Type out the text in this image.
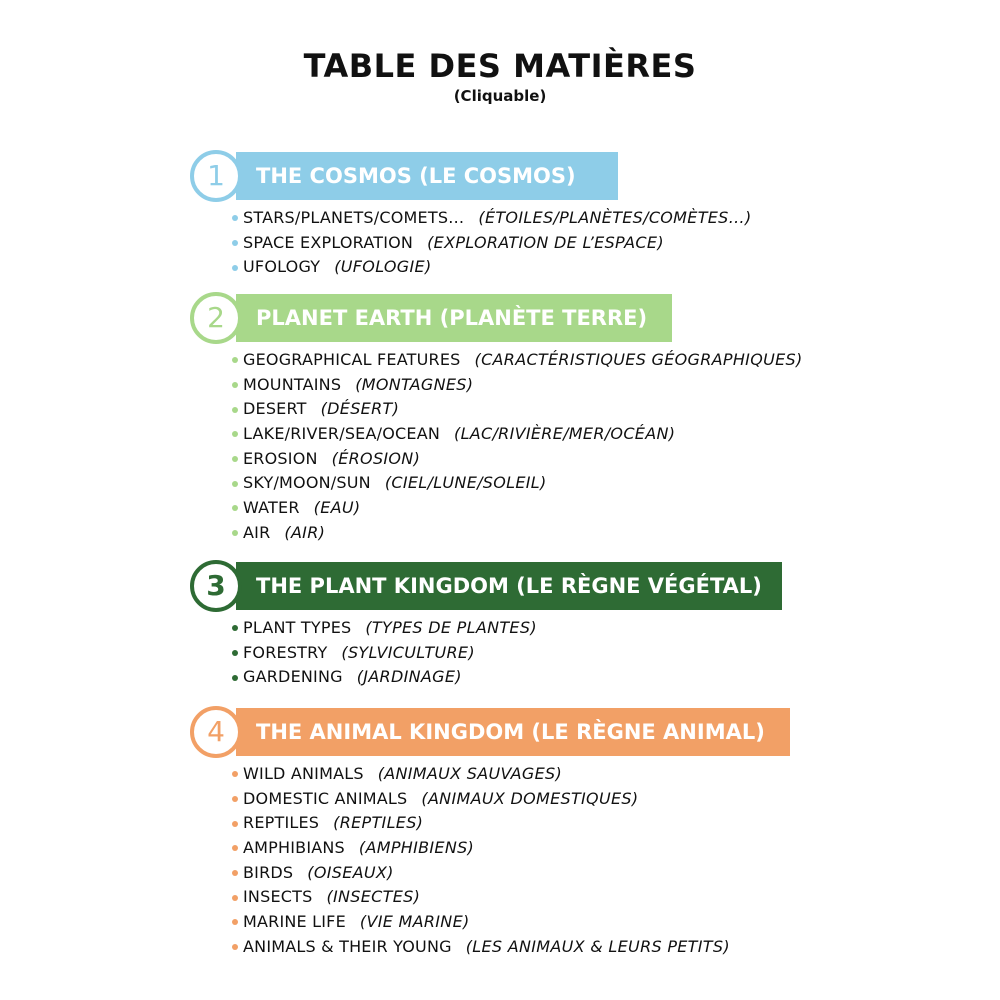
TABLE DES MATIÈRES
(Cliquable)
1	THE COSMOS (LE COSMOS)
STARS/PLANETS/COMETS…	( ÉTOILES/PLANÈTES/COMÈTES… )
SPACE EXPLORATION	( EXPLORATION DE L’ESPACE )
UFOLOGY	( UFOLOGIE )
2	PLANET EARTH (PLANÈTE TERRE)
GEOGRAPHICAL FEATURES	( CARACTÉRISTIQUES GÉOGRAPHIQUES )
MOUNTAINS	( MONTAGNES )
DESERT	( DÉSERT )
LAKE/RIVER/SEA/OCEAN	( LAC/RIVIÈRE/MER/OCÉAN )
EROSION	( ÉROSION )
SKY/MOON/SUN	( CIEL/LUNE/SOLEIL )
WATER	( EAU )
AIR	( AIR )
3	THE PLANT KINGDOM (LE RÈGNE VÉGÉTAL)
PLANT TYPES	( TYPES DE PLANTES )
FORESTRY	( SYLVICULTURE )
GARDENING	( JARDINAGE )
4	THE ANIMAL KINGDOM (LE RÈGNE ANIMAL)
WILD ANIMALS	( ANIMAUX SAUVAGES )
DOMESTIC ANIMALS	( ANIMAUX DOMESTIQUES )
REPTILES	( REPTILES )
AMPHIBIANS	( AMPHIBIENS )
BIRDS	( OISEAUX )
INSECTS	( INSECTES )
MARINE LIFE	( VIE MARINE )
ANIMALS & THEIR YOUNG	( LES ANIMAUX & LEURS PETITS )
